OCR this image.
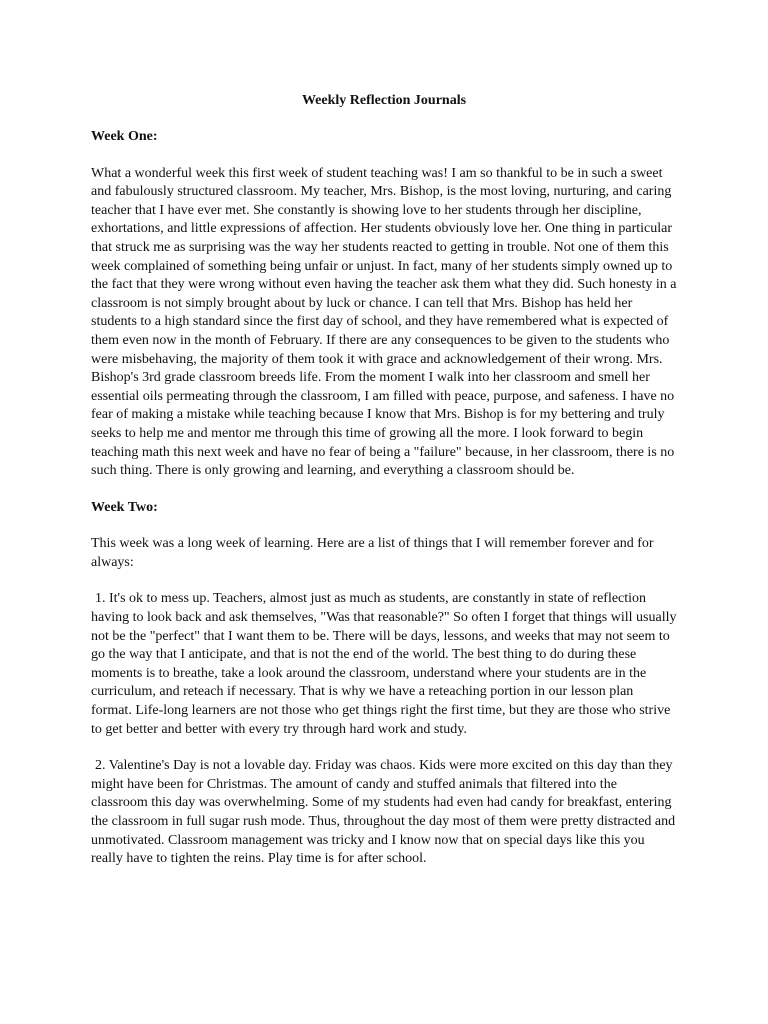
Weekly Reflection Journals

Week One:

What a wonderful week this first week of student teaching was! I am so thankful to be in such a sweet and fabulously structured classroom. My teacher, Mrs. Bishop, is the most loving, nurturing, and caring teacher that I have ever met. She constantly is showing love to her students through her discipline, exhortations, and little expressions of affection. Her students obviously love her. One thing in particular that struck me as surprising was the way her students reacted to getting in trouble. Not one of them this week complained of something being unfair or unjust. In fact, many of her students simply owned up to the fact that they were wrong without even having the teacher ask them what they did. Such honesty in a classroom is not simply brought about by luck or chance. I can tell that Mrs. Bishop has held her students to a high standard since the first day of school, and they have remembered what is expected of them even now in the month of February. If there are any consequences to be given to the students who were misbehaving, the majority of them took it with grace and acknowledgement of their wrong. Mrs. Bishop's 3rd grade classroom breeds life. From the moment I walk into her classroom and smell her essential oils permeating through the classroom, I am filled with peace, purpose, and safeness. I have no fear of making a mistake while teaching because I know that Mrs. Bishop is for my bettering and truly seeks to help me and mentor me through this time of growing all the more. I look forward to begin teaching math this next week and have no fear of being a "failure" because, in her classroom, there is no such thing. There is only growing and learning, and everything a classroom should be.

Week Two:

This week was a long week of learning. Here are a list of things that I will remember forever and for always:

1. It's ok to mess up. Teachers, almost just as much as students, are constantly in state of reflection having to look back and ask themselves, "Was that reasonable?" So often I forget that things will usually not be the "perfect" that I want them to be. There will be days, lessons, and weeks that may not seem to go the way that I anticipate, and that is not the end of the world. The best thing to do during these moments is to breathe, take a look around the classroom, understand where your students are in the curriculum, and reteach if necessary. That is why we have a reteaching portion in our lesson plan format. Life-long learners are not those who get things right the first time, but they are those who strive to get better and better with every try through hard work and study.

2. Valentine's Day is not a lovable day. Friday was chaos. Kids were more excited on this day than they might have been for Christmas. The amount of candy and stuffed animals that filtered into the classroom this day was overwhelming. Some of my students had even had candy for breakfast, entering the classroom in full sugar rush mode. Thus, throughout the day most of them were pretty distracted and unmotivated. Classroom management was tricky and I know now that on special days like this you really have to tighten the reins. Play time is for after school.
